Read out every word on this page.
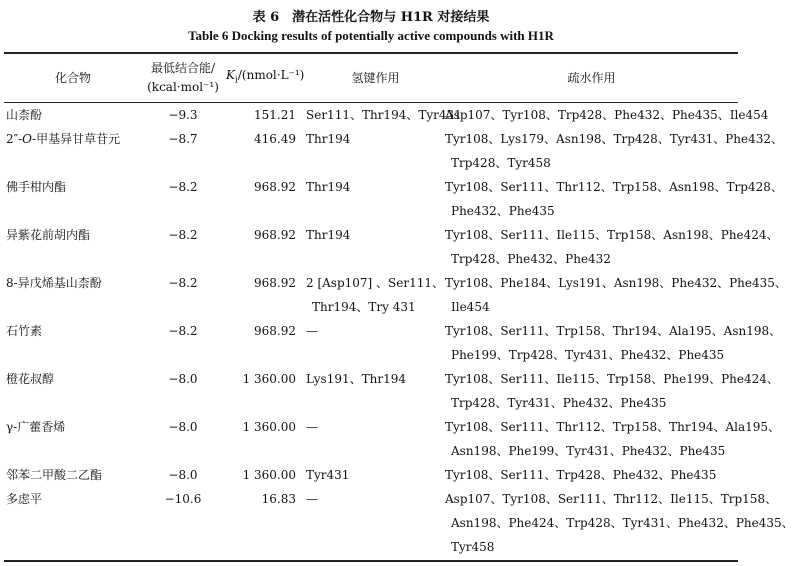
表 6　潜在活性化合物与 H1R 对接结果
Table 6 Docking results of potentially active compounds with H1R
化合物	最低结合能/
(kcal·mol⁻¹)	$K_i/(nmol\cdot L^{-1})$	氢键作用	疏水作用
山柰酚	−9.3	151.21	Ser111、Thr194、Tyr431	Asp107、Tyr108、Trp428、Phe432、Phe435、Ile454

2″-O-甲基异甘草苷元	−8.7	416.49	Thr194	Tyr108、Lys179、Asn198、Trp428、Tyr431、Phe432、
Trp428、Tyr458

佛手柑内酯	−8.2	968.92	Thr194	Tyr108、Ser111、Thr112、Trp158、Asn198、Trp428、
Phe432、Phe435

异紫花前胡内酯	−8.2	968.92	Thr194	Tyr108、Ser111、Ile115、Trp158、Asn198、Phe424、
Trp428、Phe432、Phe432

8-异戊烯基山柰酚	−8.2	968.92	2 [Asp107] 、Ser111、
Thr194、Try 431	Tyr108、Phe184、Lys191、Asn198、Phe432、Phe435、
Ile454

石竹素	−8.2	968.92	—	Tyr108、Ser111、Trp158、Thr194、Ala195、Asn198、
Phe199、Trp428、Tyr431、Phe432、Phe435

橙花叔醇	−8.0	1 360.00	Lys191、Thr194	Tyr108、Ser111、Ile115、Trp158、Phe199、Phe424、
Trp428、Tyr431、Phe432、Phe435

γ-广藿香烯	−8.0	1 360.00	—	Tyr108、Ser111、Thr112、Trp158、Thr194、Ala195、
Asn198、Phe199、Tyr431、Phe432、Phe435

邻苯二甲酸二乙酯	−8.0	1 360.00	Tyr431	Tyr108、Ser111、Trp428、Phe432、Phe435

多虑平	−10.6	16.83	—	Asp107、Tyr108、Ser111、Thr112、Ile115、Trp158、
Asn198、Phe424、Trp428、Tyr431、Phe432、Phe435、
Tyr458
